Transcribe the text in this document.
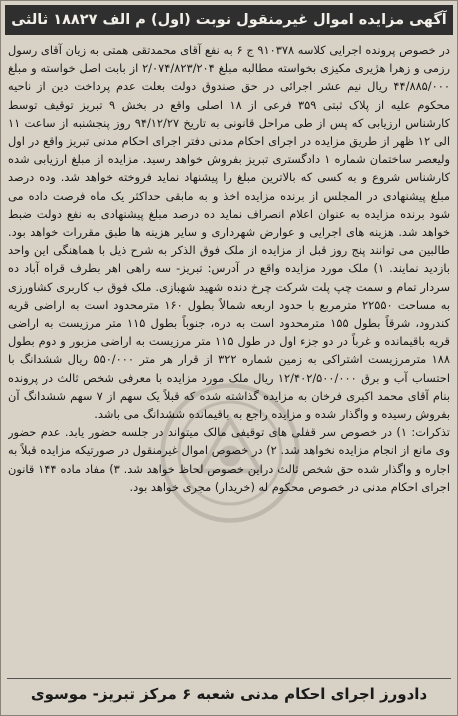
آگهی مزایده اموال غیرمنقول نوبت (اول) م الف ۱۸۸۲۷ ثالثی

در خصوص پرونده اجرایی کلاسه ۹۱۰۳۷۸ ج ۶ به نفع آقای محمدتقی همتی به زیان آقای رسول رزمی و زهرا هژیری مکیزی بخواسته مطالبه مبلغ ۲/۰۷۴/۸۲۳/۲۰۴ از بابت اصل خواسته و مبلغ ۴۴/۸۸۵/۰۰۰ ریال نیم عشر اجرائی در حق صندوق دولت بعلت عدم پرداخت دین از ناحیه محکوم علیه از پلاک ثبتی ۳۵۹ فرعی از ۱۸ اصلی واقع در بخش ۹ تبریز توقیف توسط کارشناس ارزیابی که پس از طی مراحل قانونی به تاریخ ۹۴/۱۲/۲۷ روز پنجشنبه از ساعت ۱۱ الی ۱۲ ظهر از طریق مزایده در اجرای احکام مدنی دفتر اجرای احکام مدنی تبریز واقع در اول ولیعصر ساختمان شماره ۱ دادگستری تبریز بفروش خواهد رسید. مزایده از مبلغ ارزیابی شده کارشناس شروع و به کسی که بالاترین مبلغ را پیشنهاد نماید فروخته خواهد شد. وده درصد مبلغ پیشنهادی در المجلس از برنده مزایده اخذ و به مابقی حداکثر یک ماه فرصت داده می شود برنده مزایده به عنوان اعلام انصراف نماید ده درصد مبلغ پیشنهادی به نفع دولت ضبط خواهد شد. هزینه های اجرایی و عوارض شهرداری و سایر هزینه ها طبق مقررات خواهد بود. طالبین می توانند پنج روز قبل از مزایده از ملک فوق الذکر به شرح ذیل با هماهنگی این واحد بازدید نمایند. ۱) ملک مورد مزایده واقع در آدرس: تبریز- سه راهی اهر بطرف قراه آباد ده سردار تمام و سمت چپ پلت شرکت چرخ دنده شهید شهبازی. ملک فوق ب کاربری کشاورزی به مساحت ۲۲۵۵۰ مترمربع با حدود اربعه شمالاً بطول ۱۶۰ مترمحدود است به اراضی قریه کندرود، شرقاً بطول ۱۵۵ مترمحدود است به دره، جنوباً بطول ۱۱۵ متر مرزیست به اراضی قریه باقیمانده و غرباً در دو جزء اول در طول ۱۱۵ متر مرزیست به اراضی مزبور و دوم بطول ۱۸۸ مترمرزیست اشتراکی به زمین شماره ۳۲۲ از قرار هر متر ۵۵۰/۰۰۰ ریال ششدانگ با احتساب آب و برق ۱۲/۴۰۲/۵۰۰/۰۰۰ ریال ملک مورد مزایده با معرفی شخص ثالث در پرونده بنام آقای محمد اکبری فرخان به مزایده گذاشته شده که قبلاً یک سهم از ۷ سهم ششدانگ آن بفروش رسیده و واگذار شده و مزایده راجع به باقیمانده ششدانگ می باشد.

تذکرات: ۱) در خصوص سر قفلی های توقیفی مالک میتواند در جلسه حضور یابد. عدم حضور وی مانع از انجام مزایده نخواهد شد. ۲) در خصوص اموال غیرمنقول در صورتیکه مزایده قبلاً به اجاره و واگذار شده حق شخص ثالث دراین خصوص لحاظ خواهد شد. ۳) مفاد ماده ۱۴۴ قانون اجرای احکام مدنی در خصوص محکوم له (خریدار) مجری خواهد بود.

دادورز اجرای احکام مدنی شعبه ۶ مرکز تبریز- موسوی
